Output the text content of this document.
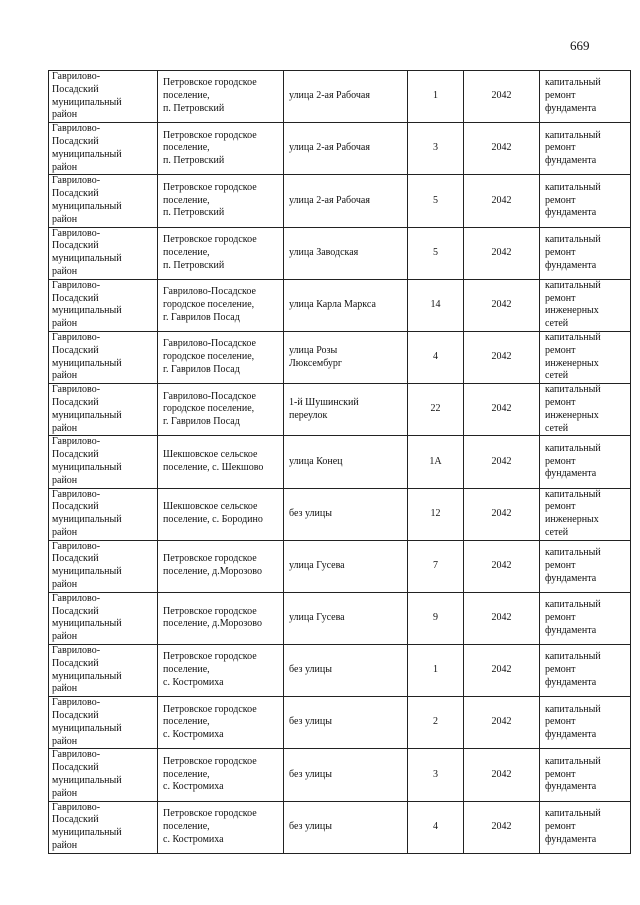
669
Гаврилово-
Посадский
муниципальный
район	Петровское городское
поселение,
п. Петровский	улица 2-ая Рабочая	1	2042	капитальный
ремонт
фундамента

Гаврилово-
Посадский
муниципальный
район	Петровское городское
поселение,
п. Петровский	улица 2-ая Рабочая	3	2042	капитальный
ремонт
фундамента

Гаврилово-
Посадский
муниципальный
район	Петровское городское
поселение,
п. Петровский	улица 2-ая Рабочая	5	2042	капитальный
ремонт
фундамента

Гаврилово-
Посадский
муниципальный
район	Петровское городское
поселение,
п. Петровский	улица Заводская	5	2042	капитальный
ремонт
фундамента

Гаврилово-
Посадский
муниципальный
район	Гаврилово-Посадское
городское поселение,
г. Гаврилов Посад	улица Карла Маркса	14	2042	капитальный
ремонт
инженерных
сетей

Гаврилово-
Посадский
муниципальный
район	Гаврилово-Посадское
городское поселение,
г. Гаврилов Посад	улица Розы
Люксембург	4	2042	капитальный
ремонт
инженерных
сетей

Гаврилово-
Посадский
муниципальный
район	Гаврилово-Посадское
городское поселение,
г. Гаврилов Посад	1-й Шушинский
переулок	22	2042	капитальный
ремонт
инженерных
сетей

Гаврилово-
Посадский
муниципальный
район	Шекшовское сельское
поселение, с. Шекшово	улица Конец	1А	2042	капитальный
ремонт
фундамента

Гаврилово-
Посадский
муниципальный
район	Шекшовское сельское
поселение, с. Бородино	без улицы	12	2042	капитальный
ремонт
инженерных
сетей

Гаврилово-
Посадский
муниципальный
район	Петровское городское
поселение, д.Морозово	улица Гусева	7	2042	капитальный
ремонт
фундамента

Гаврилово-
Посадский
муниципальный
район	Петровское городское
поселение, д.Морозово	улица Гусева	9	2042	капитальный
ремонт
фундамента

Гаврилово-
Посадский
муниципальный
район	Петровское городское
поселение,
с. Костромиха	без улицы	1	2042	капитальный
ремонт
фундамента

Гаврилово-
Посадский
муниципальный
район	Петровское городское
поселение,
с. Костромиха	без улицы	2	2042	капитальный
ремонт
фундамента

Гаврилово-
Посадский
муниципальный
район	Петровское городское
поселение,
с. Костромиха	без улицы	3	2042	капитальный
ремонт
фундамента

Гаврилово-
Посадский
муниципальный
район	Петровское городское
поселение,
с. Костромиха	без улицы	4	2042	капитальный
ремонт
фундамента
